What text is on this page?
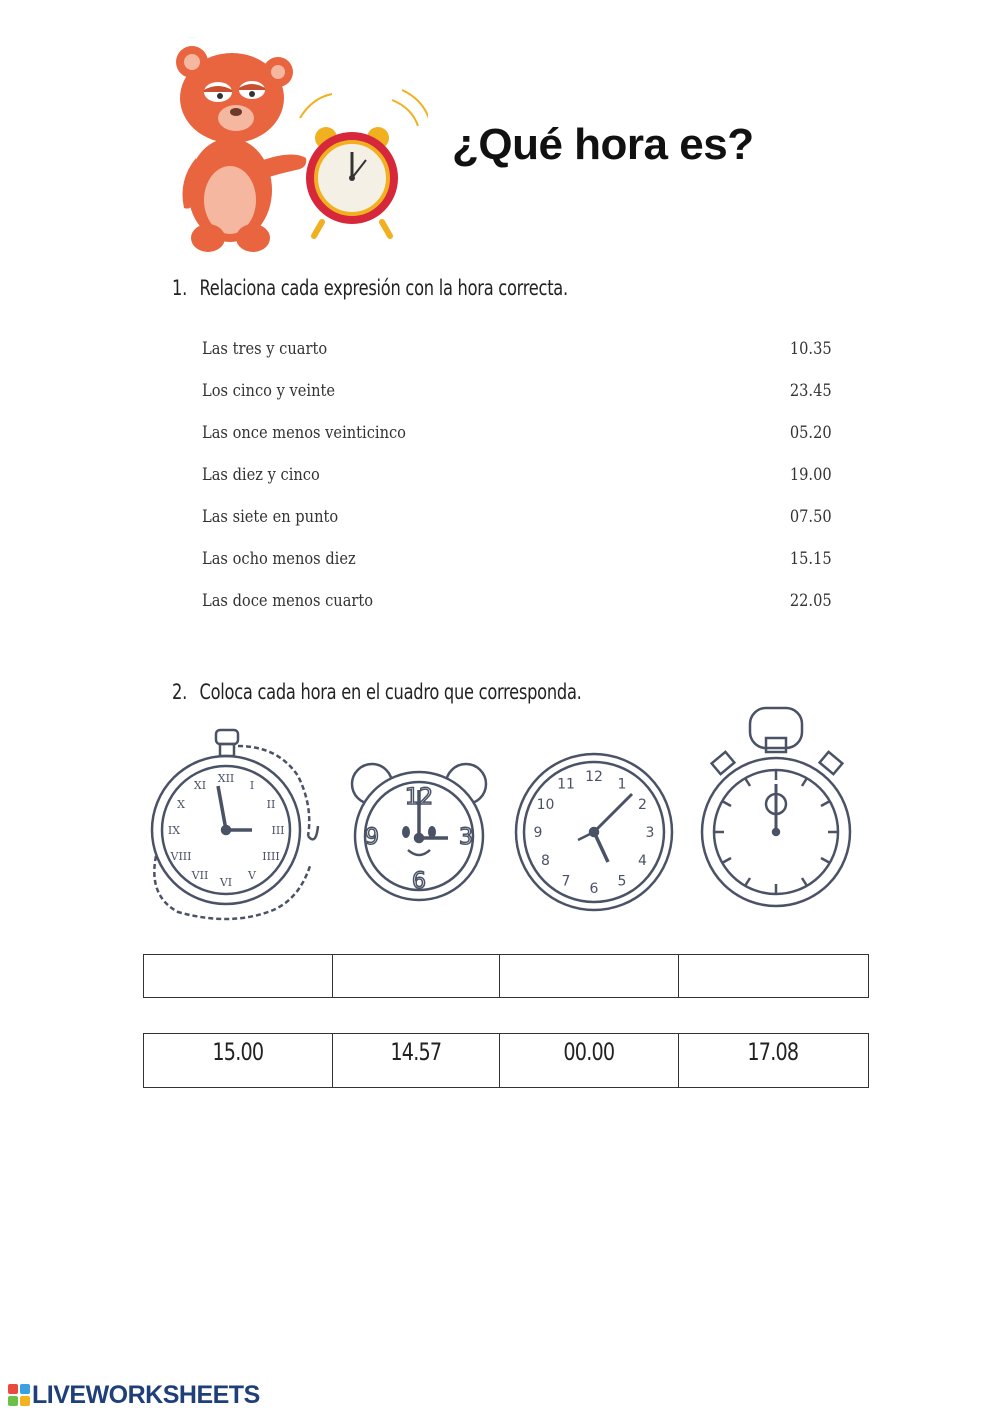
¿Qué hora es?
1. Relaciona cada expresión con la hora correcta.
Las tres y cuarto	10.35
Los cinco y veinte	23.45
Las once menos veinticinco	05.20
Las diez y cinco	19.00
Las siete en punto	07.50
Las ocho menos diez	15.15
Las doce menos cuarto	22.05
2. Coloca cada hora en el cuadro que corresponda.
XII
I
II
III
IIII
V
VI
VII
VIII
IX
X
XI	12
3
6
9
12 1
2
3
4
5
6
7
8
9
10
11

15.00	14.57	00.00	17.08
LIVEWORKSHEETS
